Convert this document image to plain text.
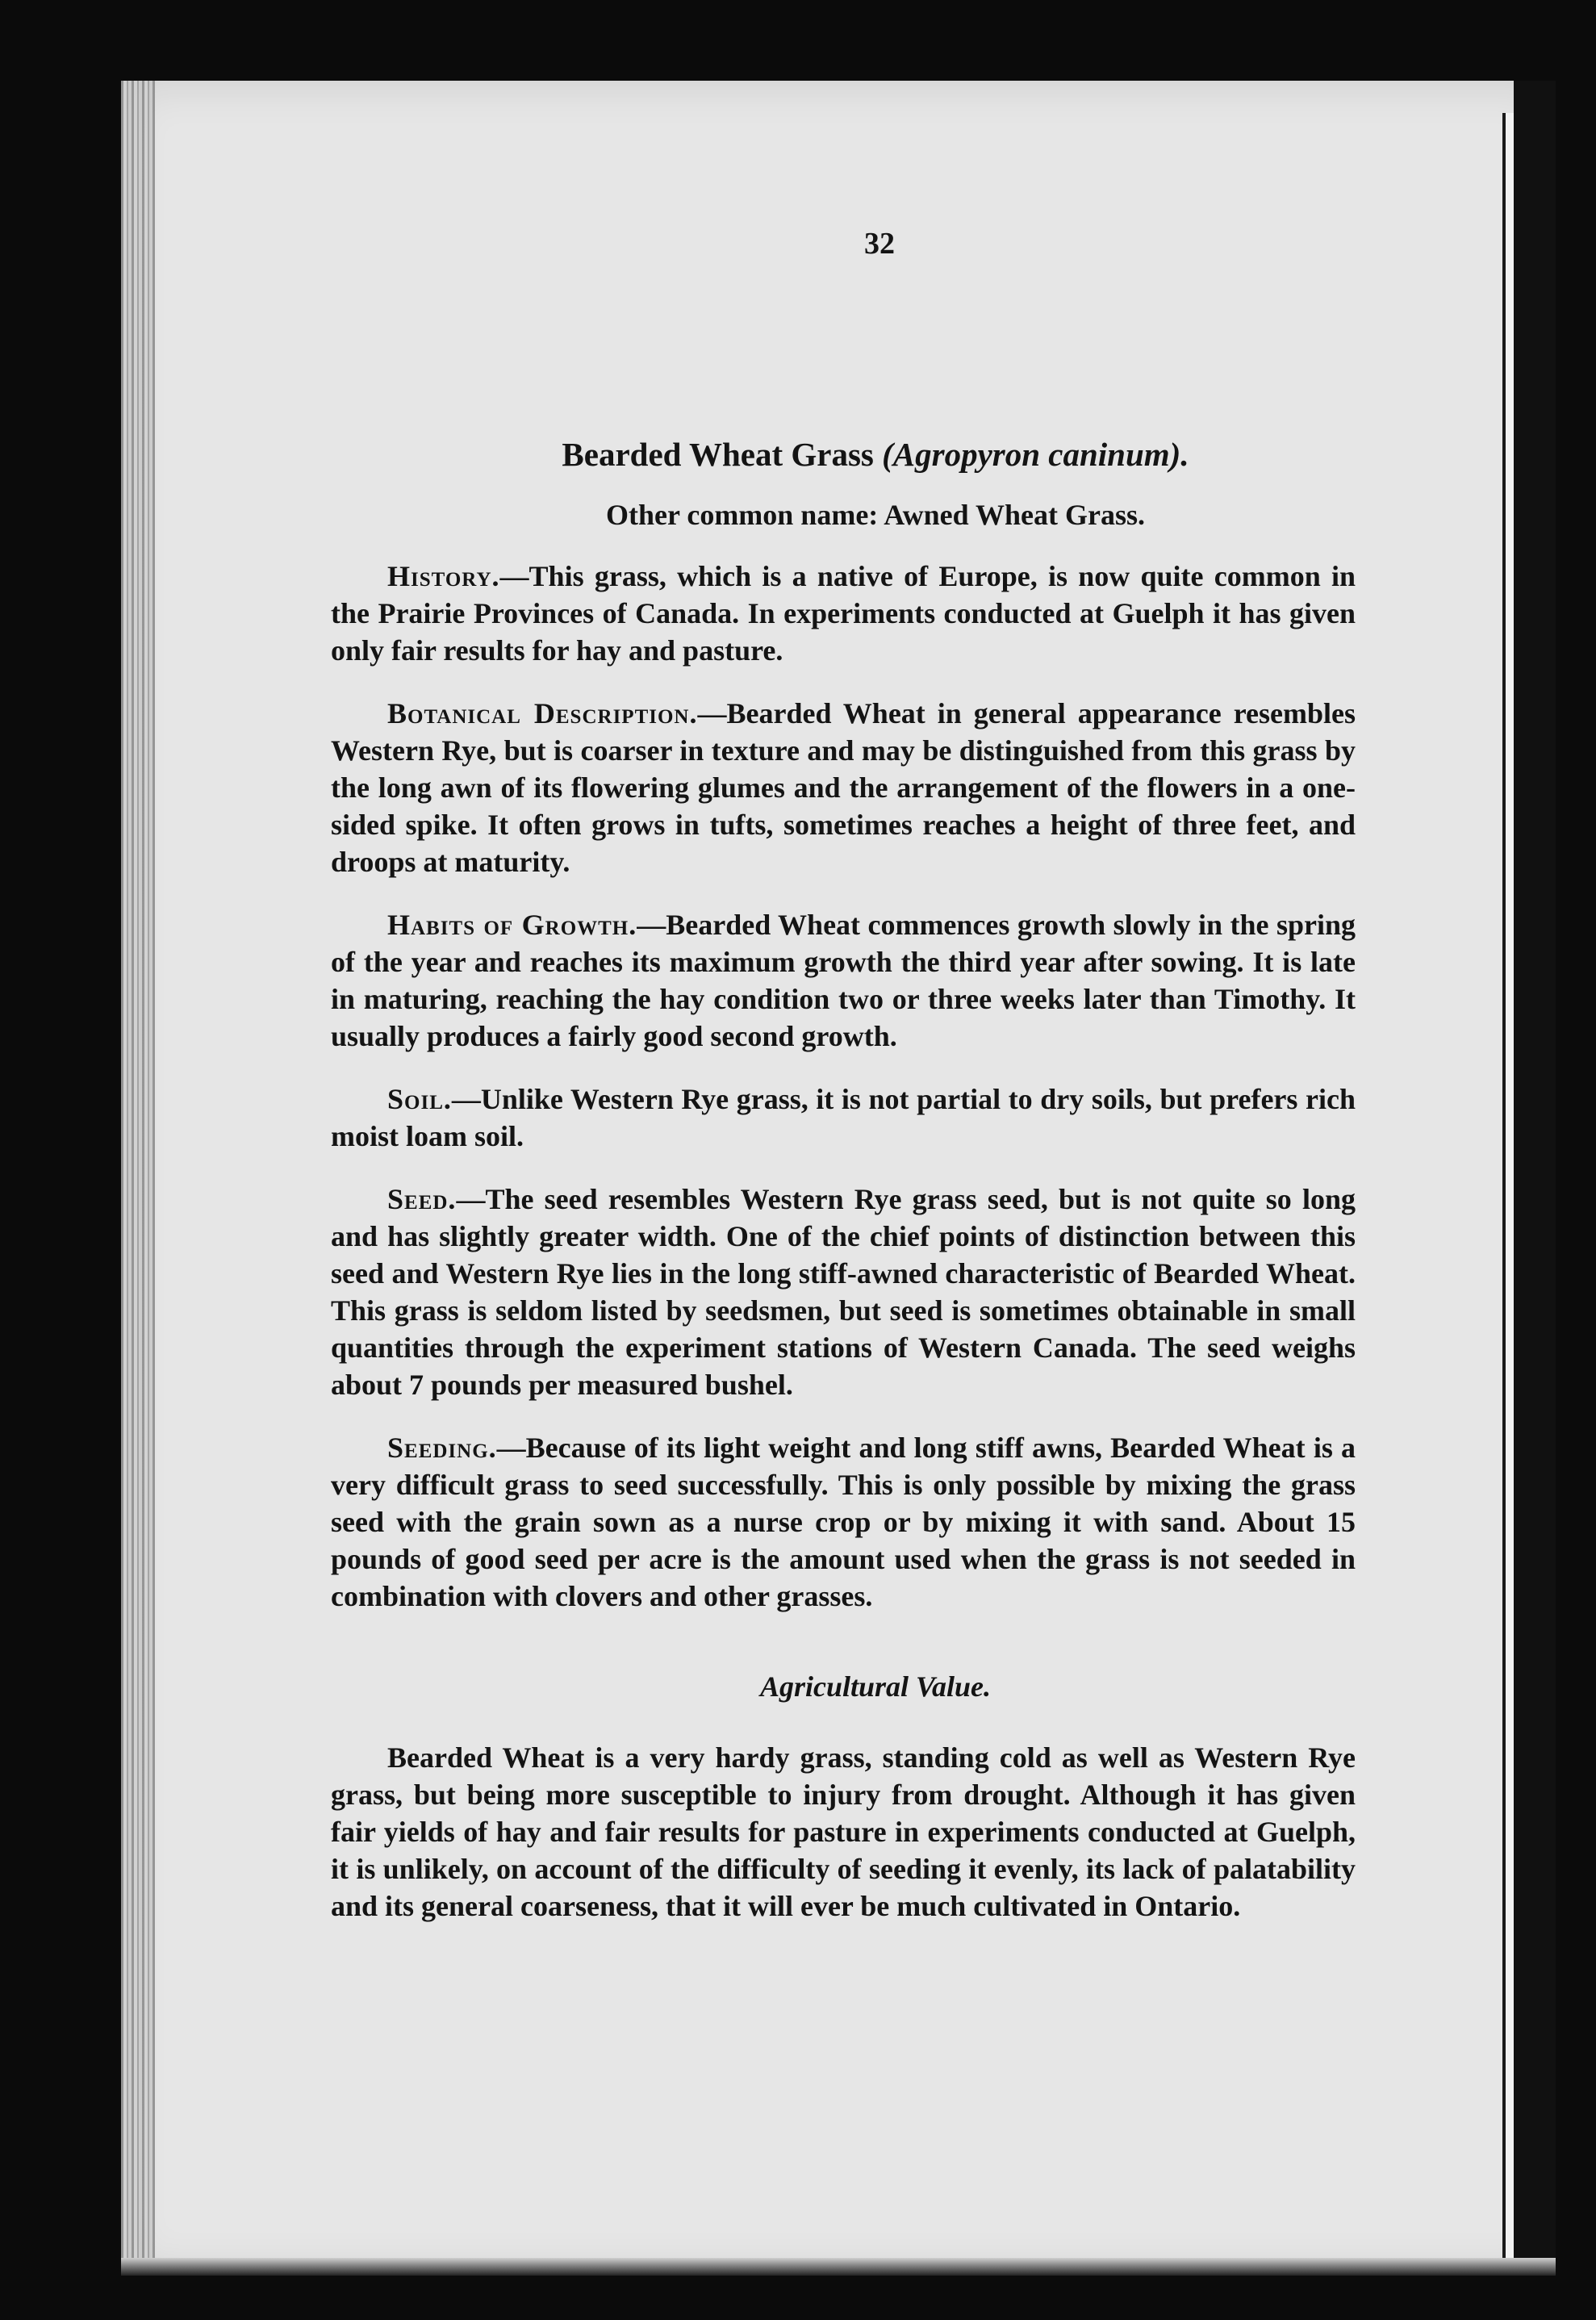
32
Bearded Wheat Grass (Agropyron caninum).
Other common name: Awned Wheat Grass.
History.—This grass, which is a native of Europe, is now quite common in the Prairie Provinces of Canada. In experiments conducted at Guelph it has given only fair results for hay and pasture.
Botanical Description.—Bearded Wheat in general appearance resembles Western Rye, but is coarser in texture and may be distinguished from this grass by the long awn of its flowering glumes and the arrangement of the flowers in a one-sided spike. It often grows in tufts, sometimes reaches a height of three feet, and droops at maturity.
Habits of Growth.—Bearded Wheat commences growth slowly in the spring of the year and reaches its maximum growth the third year after sowing. It is late in maturing, reaching the hay condition two or three weeks later than Timothy. It usually produces a fairly good second growth.
Soil.—Unlike Western Rye grass, it is not partial to dry soils, but prefers rich moist loam soil.
Seed.—The seed resembles Western Rye grass seed, but is not quite so long and has slightly greater width. One of the chief points of distinction between this seed and Western Rye lies in the long stiff-awned characteristic of Bearded Wheat. This grass is seldom listed by seedsmen, but seed is sometimes obtainable in small quantities through the experiment stations of Western Canada. The seed weighs about 7 pounds per measured bushel.
Seeding.—Because of its light weight and long stiff awns, Bearded Wheat is a very difficult grass to seed successfully. This is only possible by mixing the grass seed with the grain sown as a nurse crop or by mixing it with sand. About 15 pounds of good seed per acre is the amount used when the grass is not seeded in combination with clovers and other grasses.
Agricultural Value.
Bearded Wheat is a very hardy grass, standing cold as well as Western Rye grass, but being more susceptible to injury from drought. Although it has given fair yields of hay and fair results for pasture in experiments conducted at Guelph, it is unlikely, on account of the difficulty of seeding it evenly, its lack of palatability and its general coarseness, that it will ever be much cultivated in Ontario.
